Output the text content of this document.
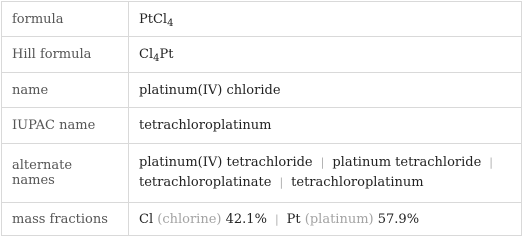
formula	PtCl$_4$
Hill formula	$Cl_4Pt$
name	platinum(IV) chloride
IUPAC name	tetrachloroplatinum
alternate names	platinum(IV) tetrachloride | platinum tetrachloride |
tetrachloroplatinate | tetrachloroplatinum

mass fractions	Cl (chlorine) 42.1% | Pt (platinum) 57.9%
